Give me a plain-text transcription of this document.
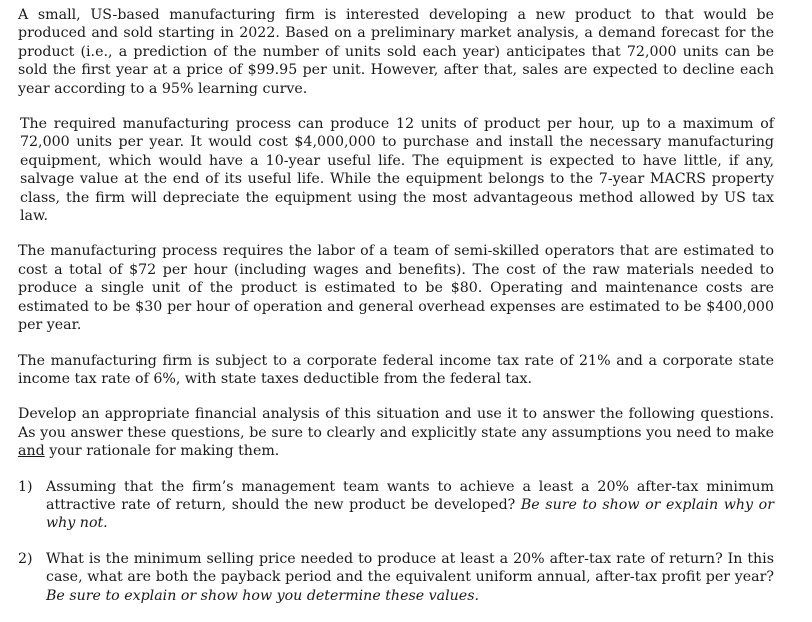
A small, US-based manufacturing firm is interested developing a new product to that would be produced and sold starting in 2022. Based on a preliminary market analysis, a demand forecast for the product (i.e., a prediction of the number of units sold each year) anticipates that 72,000 units can be sold the first year at a price of $99.95 per unit. However, after that, sales are expected to decline each year according to a 95% learning curve.

The required manufacturing process can produce 12 units of product per hour, up to a maximum of 72,000 units per year. It would cost $4,000,000 to purchase and install the necessary manufacturing equipment, which would have a 10-year useful life. The equipment is expected to have little, if any, salvage value at the end of its useful life. While the equipment belongs to the 7-year MACRS property class, the firm will depreciate the equipment using the most advantageous method allowed by US tax law.

The manufacturing process requires the labor of a team of semi-skilled operators that are estimated to cost a total of $72 per hour (including wages and benefits). The cost of the raw materials needed to produce a single unit of the product is estimated to be $80. Operating and maintenance costs are estimated to be $30 per hour of operation and general overhead expenses are estimated to be $400,000 per year.

The manufacturing firm is subject to a corporate federal income tax rate of 21% and a corporate state income tax rate of 6%, with state taxes deductible from the federal tax.

Develop an appropriate financial analysis of this situation and use it to answer the following questions. As you answer these questions, be sure to clearly and explicitly state any assumptions you need to make and your rationale for making them.

1) Assuming that the firm’s management team wants to achieve a least a 20% after-tax minimum attractive rate of return, should the new product be developed? Be sure to show or explain why or why not.
2) What is the minimum selling price needed to produce at least a 20% after-tax rate of return? In this case, what are both the payback period and the equivalent uniform annual, after-tax profit per year? Be sure to explain or show how you determine these values.
